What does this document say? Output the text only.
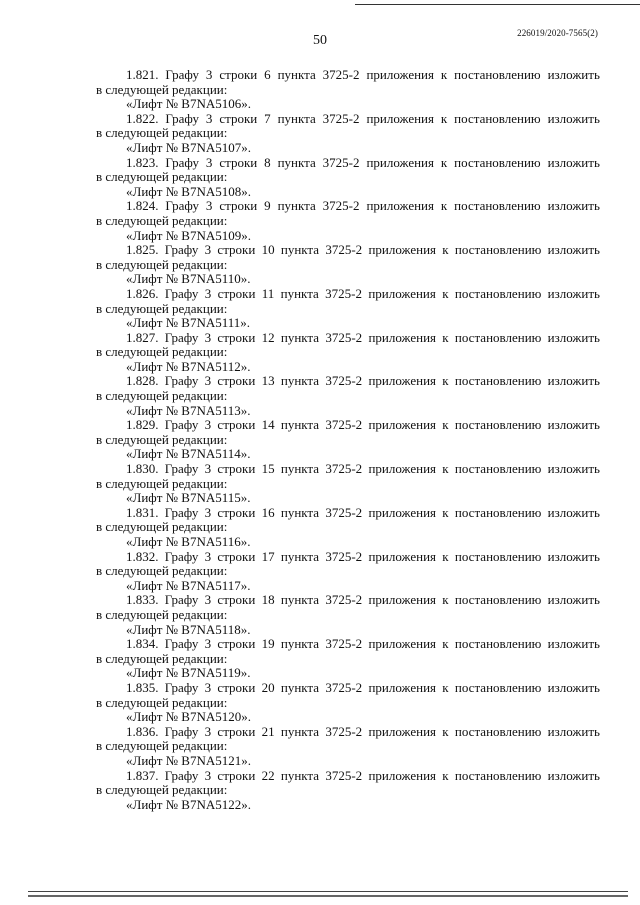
50	226019/2020-7565(2)
1.821. Графу 3 строки 6 пункта 3725-2 приложения к постановлению изложить
в следующей редакции:
«Лифт № B7NA5106».
1.822. Графу 3 строки 7 пункта 3725-2 приложения к постановлению изложить
в следующей редакции:
«Лифт № B7NA5107».
1.823. Графу 3 строки 8 пункта 3725-2 приложения к постановлению изложить
в следующей редакции:
«Лифт № B7NA5108».
1.824. Графу 3 строки 9 пункта 3725-2 приложения к постановлению изложить
в следующей редакции:
«Лифт № B7NA5109».
1.825. Графу 3 строки 10 пункта 3725-2 приложения к постановлению изложить
в следующей редакции:
«Лифт № B7NA5110».
1.826. Графу 3 строки 11 пункта 3725-2 приложения к постановлению изложить
в следующей редакции:
«Лифт № B7NA5111».
1.827. Графу 3 строки 12 пункта 3725-2 приложения к постановлению изложить
в следующей редакции:
«Лифт № B7NA5112».
1.828. Графу 3 строки 13 пункта 3725-2 приложения к постановлению изложить
в следующей редакции:
«Лифт № B7NA5113».
1.829. Графу 3 строки 14 пункта 3725-2 приложения к постановлению изложить
в следующей редакции:
«Лифт № B7NA5114».
1.830. Графу 3 строки 15 пункта 3725-2 приложения к постановлению изложить
в следующей редакции:
«Лифт № B7NA5115».
1.831. Графу 3 строки 16 пункта 3725-2 приложения к постановлению изложить
в следующей редакции:
«Лифт № B7NA5116».
1.832. Графу 3 строки 17 пункта 3725-2 приложения к постановлению изложить
в следующей редакции:
«Лифт № B7NA5117».
1.833. Графу 3 строки 18 пункта 3725-2 приложения к постановлению изложить
в следующей редакции:
«Лифт № B7NA5118».
1.834. Графу 3 строки 19 пункта 3725-2 приложения к постановлению изложить
в следующей редакции:
«Лифт № B7NA5119».
1.835. Графу 3 строки 20 пункта 3725-2 приложения к постановлению изложить
в следующей редакции:
«Лифт № B7NA5120».
1.836. Графу 3 строки 21 пункта 3725-2 приложения к постановлению изложить
в следующей редакции:
«Лифт № B7NA5121».
1.837. Графу 3 строки 22 пункта 3725-2 приложения к постановлению изложить
в следующей редакции:
«Лифт № B7NA5122».
